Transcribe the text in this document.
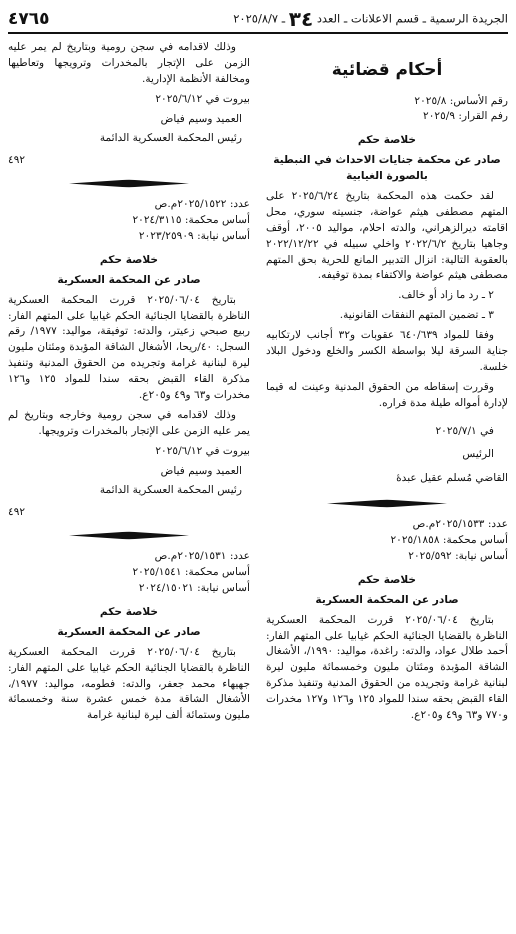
الجريدة الرسمية ـ قسم الاعلانات ـ العدد ٣٤ ـ ٢٠٢٥/٨/٧
٤٧٦٥
أحكام قضائية
رقم الأساس: ٢٠٢٥/٨
رفم القرار: ٢٠٢٥/٩
خلاصة حكم
صادر عن محكمة جنايات الاحداث في النبطية
بالصورة الغيابية

لقد حكمت هذه المحكمة بتاريخ ٢٠٢٥/٦/٢٤ على المتهم مصطفى هيثم عواضة، جنسيته سوري، محل اقامته ديرالزهراني، والدته احلام، مواليد ٢٠٠٥، أوقف وجاهيا بتاريخ ٢٠٢٢/٦/٢ واخلي سبيله في ٢٠٢٢/١٢/٢٢ بالعقوبة التالية: انزال التدبير المانع للحرية بحق المتهم مصطفى هيثم عواضة والاكتفاء بمدة توقيفه.

٢ ـ رد ما زاد أو خالف.

٣ ـ تضمين المتهم النفقات القانونية.

وفقا للمواد ٦٤٠/٦٣٩ عقوبات و٣٢ أجانب لارتكابيه جناية السرقة ليلا بواسطة الكسر والخلع ودخول البلاد خلسة.

وقررت إسقاطه من الحقوق المدنية وعينت له قيما لإدارة أمواله طيلة مدة فراره.

في ٢٠٢٥/٧/١
الرئيس
القاضي مُسلم عقيل عبدهٔ
عدد: ٢٠٢٥/١٥٣٣م.ص
أساس محكمة: ٢٠٢٥/١٨٥٨
أساس نيابة: ٢٠٢٥/٥٩٢
خلاصة حكم
صادر عن المحكمة العسكرية

بتاريخ ٢٠٢٥/٠٦/٠٤ قررت المحكمة العسكرية الناظرة بالقضايا الجنائية الحكم غيابيا على المتهم الفار: أحمد طلال عواد، والدته: راغدة، مواليد: ١٩٩٠/، الأشغال الشاقة المؤبدة ومئتان مليون وخمسمائة مليون ليرة لبنانية غرامة وتجريده من الحقوق المدنية وتنفيذ مذكرة القاء القبض بحقه سندا للمواد ١٢٥ و١٢٦ و١٢٧ مخدرات و٧٧٠ و٦٣ و٤٩ و٢٠٥ع.

وذلك لاقدامه في سجن رومية وبتاريخ لم يمر عليه الزمن على الإتجار بالمخدرات وترويجها وتعاطيها ومخالفة الأنظمة الإدارية.

بيروت في ٢٠٢٥/٦/١٢
العميد وسيم فياض
رئيس المحكمة العسكرية الدائمة
٤٩٢
عدد: ٢٠٢٥/١٥٢٢م.ص
أساس محكمة: ٢٠٢٤/٣١١٥
أساس نيابة: ٢٠٢٣/٢٥٩٠٩
خلاصة حكم
صادر عن المحكمة العسكرية

بتاريخ ٢٠٢٥/٠٦/٠٤ قررت المحكمة العسكرية الناظرة بالقضايا الجنائية الحكم غيابيا على المتهم الفار: ربيع صبحي زعيتر، والدته: توفيقة، مواليد: ١٩٧٧/ رقم السجل: ٤٠/ريحا، الأشغال الشاقة المؤبدة ومئتان مليون ليرة لبنانية غرامة وتجريده من الحقوق المدنية وتنفيذ مذكرة القاء القبض بحقه سندا للمواد ١٢٥ و١٢٦ مخدرات و٦٣ و٤٩ و٢٠٥ع.

وذلك لاقدامه في سجن رومية وخارجه وبتاريخ لم يمر عليه الزمن على الإتجار بالمخدرات وترويجها.

بيروت في ٢٠٢٥/٦/١٢
العميد وسيم فياض
رئيس المحكمة العسكرية الدائمة
٤٩٢
عدد: ٢٠٢٥/١٥٣١م.ص
أساس محكمة: ٢٠٢٥/١٥٤١
أساس نيابة: ٢٠٢٤/١٥٠٢١
خلاصة حكم
صادر عن المحكمة العسكرية

بتاريخ ٢٠٢٥/٠٦/٠٤ قررت المحكمة العسكرية الناظرة بالقضايا الجنائية الحكم غيابيا على المتهم الفار: جهيهاء محمد جعفر، والدته: فطومه، مواليد: ١٩٧٧/، الأشغال الشاقة مدة خمس عشرة سنة وخمسمائة مليون وستمائة ألف ليرة لبنانية غرامة
